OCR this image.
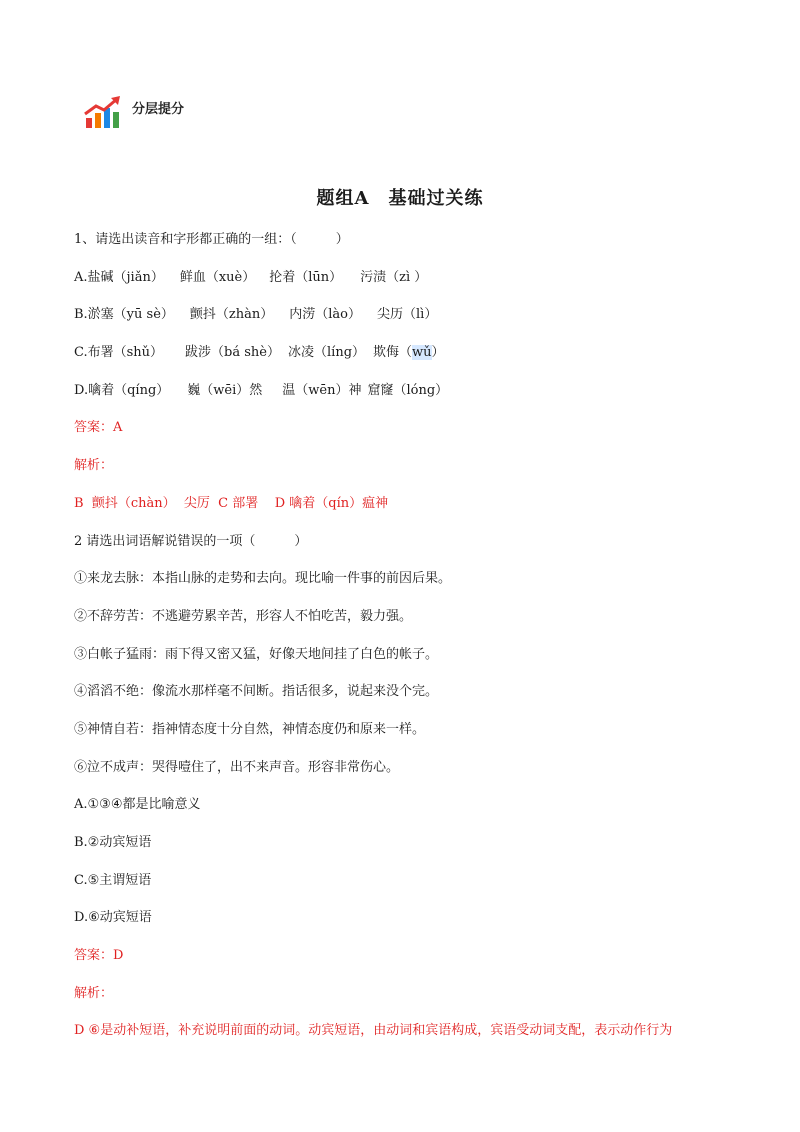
分层提分
题组A　基础过关练
1、请选出读音和字形都正确的一组：（　　　）
A.盐碱（jiǎn） 鲜血（xuè） 抡着（lūn） 污渍（zì ）
B.淤塞（yū sè） 颤抖（zhàn） 内涝（lào） 尖历（lì）
C.布署（shǔ） 跋涉（bá shè） 冰凌（líng） 欺侮（wǔ）
D.噙着（qíng） 巍（wēi）然 温（wēn）神 窟窿（lóng）
答案：A
解析：
B  颤抖（chàn）  尖厉  C 部署    D 噙着（qín）瘟神
2 请选出词语解说错误的一项（　　　）
①来龙去脉：本指山脉的走势和去向。现比喻一件事的前因后果。
②不辞劳苦：不逃避劳累辛苦，形容人不怕吃苦，毅力强。
③白帐子猛雨：雨下得又密又猛，好像天地间挂了白色的帐子。
④滔滔不绝：像流水那样毫不间断。指话很多，说起来没个完。
⑤神情自若：指神情态度十分自然，神情态度仍和原来一样。
⑥泣不成声：哭得噎住了，出不来声音。形容非常伤心。
A.①③④都是比喻意义
B.②动宾短语
C.⑤主谓短语
D.⑥动宾短语
答案：D
解析：
D ⑥是动补短语，补充说明前面的动词。动宾短语，由动词和宾语构成，宾语受动词支配，表示动作行为
